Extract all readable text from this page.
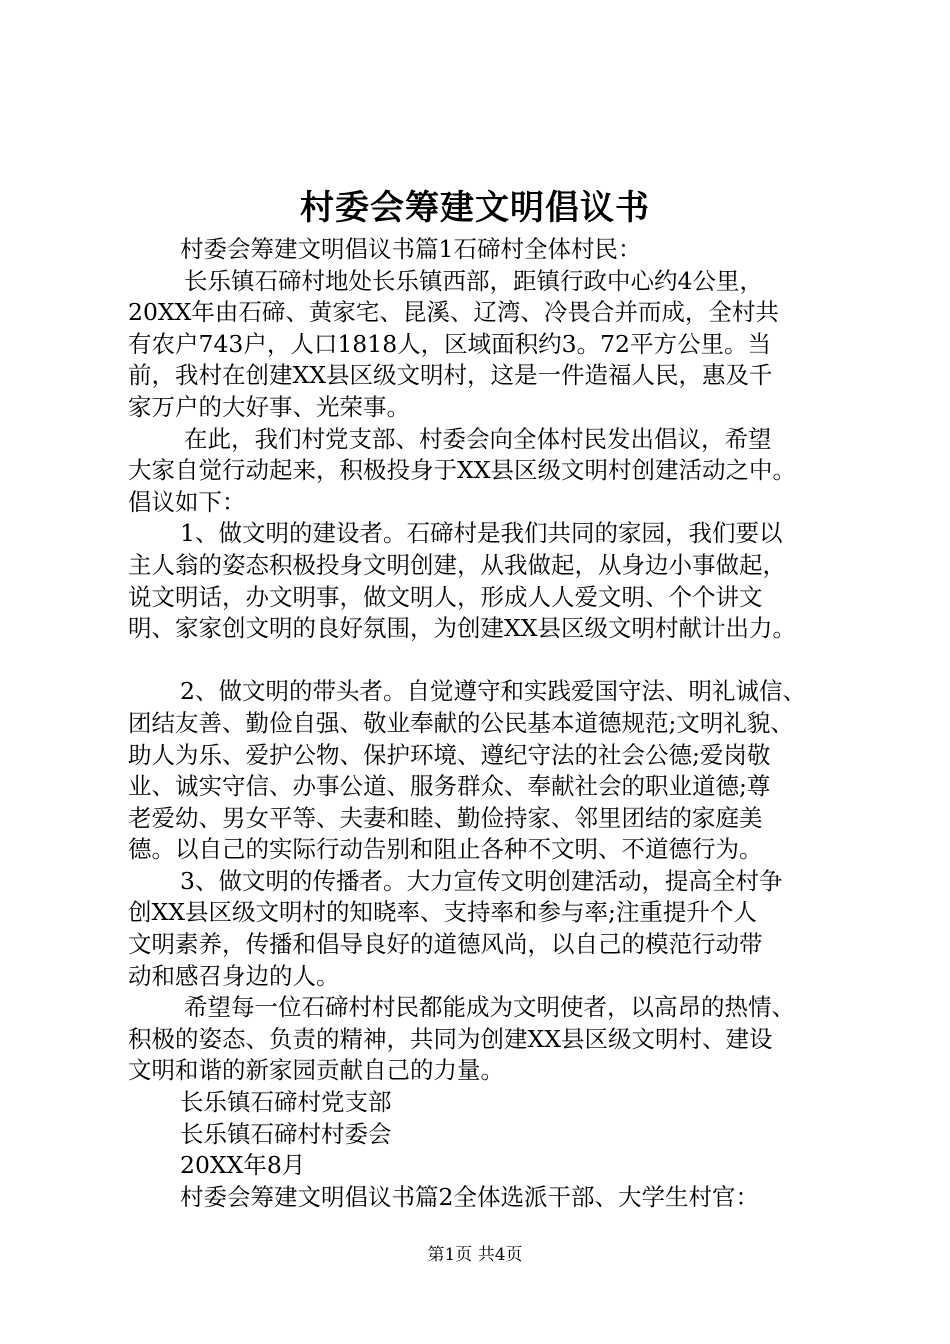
村委会筹建文明倡议书

村委会筹建文明倡议书篇1石碲村全体村民：

长乐镇石碲村地处长乐镇西部，距镇行政中心约4公里，

20XX年由石碲、黄家宅、昆溪、辽湾、冷畏合并而成，全村共

有农户743户，人口1818人，区域面积约3。72平方公里。当

前，我村在创建XX县区级文明村，这是一件造福人民，惠及千

家万户的大好事、光荣事。

在此，我们村党支部、村委会向全体村民发出倡议，希望

大家自觉行动起来，积极投身于XX县区级文明村创建活动之中。

倡议如下：

1、做文明的建设者。石碲村是我们共同的家园，我们要以

主人翁的姿态积极投身文明创建，从我做起，从身边小事做起，

说文明话，办文明事，做文明人，形成人人爱文明、个个讲文

明、家家创文明的良好氛围，为创建XX县区级文明村献计出力。

2、做文明的带头者。自觉遵守和实践爱国守法、明礼诚信、

团结友善、勤俭自强、敬业奉献的公民基本道德规范;文明礼貌、

助人为乐、爱护公物、保护环境、遵纪守法的社会公德;爱岗敬

业、诚实守信、办事公道、服务群众、奉献社会的职业道德;尊

老爱幼、男女平等、夫妻和睦、勤俭持家、邻里团结的家庭美

德。以自己的实际行动告别和阻止各种不文明、不道德行为。

3、做文明的传播者。大力宣传文明创建活动，提高全村争

创XX县区级文明村的知晓率、支持率和参与率;注重提升个人

文明素养，传播和倡导良好的道德风尚，以自己的模范行动带

动和感召身边的人。

希望每一位石碲村村民都能成为文明使者，以高昂的热情、

积极的姿态、负责的精神，共同为创建XX县区级文明村、建设

文明和谐的新家园贡献自己的力量。

长乐镇石碲村党支部

长乐镇石碲村村委会

20XX年8月

村委会筹建文明倡议书篇2全体选派干部、大学生村官：

第1页 共4页
